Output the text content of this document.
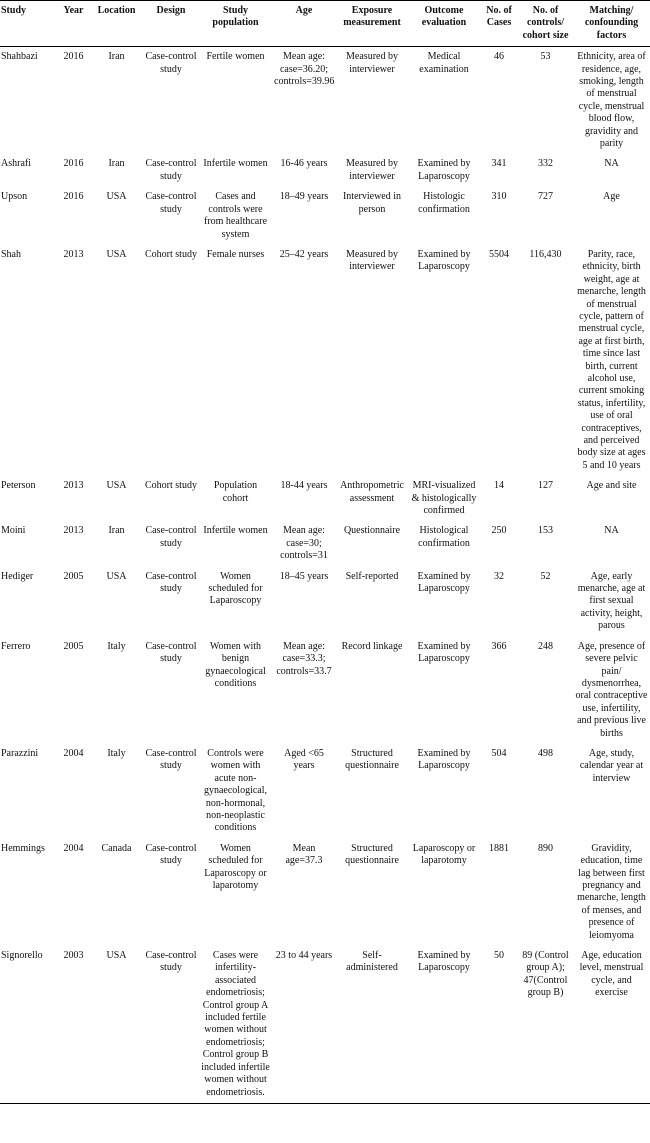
Study	Year	Location	Design	Study population	Age	Exposure measurement	Outcome evaluation	No. of Cases	No. of controls/ cohort size	Matching/ confounding factors
Shahbazi	2016	Iran	Case-control study	Fertile women	Mean age: case=36.20; controls=39.96	Measured by interviewer	Medical examination	46	53	Ethnicity, area of residence, age, smoking, length of menstrual cycle, menstrual blood flow, gravidity and parity
Ashrafi	2016	Iran	Case-control study	Infertile women	16-46 years	Measured by interviewer	Examined by Laparoscopy	341	332	NA
Upson	2016	USA	Case-control study	Cases and controls were from healthcare system	18–49 years	Interviewed in person	Histologic confirmation	310	727	Age
Shah	2013	USA	Cohort study	Female nurses	25–42 years	Measured by interviewer	Examined by Laparoscopy	5504	116,430	Parity, race, ethnicity, birth weight, age at menarche, length of menstrual cycle, pattern of menstrual cycle, age at first birth, time since last birth, current alcohol use, current smoking status, infertility, use of oral contraceptives, and perceived body size at ages 5 and 10 years
Peterson	2013	USA	Cohort study	Population cohort	18-44 years	Anthropometric assessment	MRI-visualized & histologically confirmed	14	127	Age and site
Moini	2013	Iran	Case-control study	Infertile women	Mean age: case=30; controls=31	Questionnaire	Histological confirmation	250	153	NA
Hediger	2005	USA	Case-control study	Women scheduled for Laparoscopy	18–45 years	Self-reported	Examined by Laparoscopy	32	52	Age, early menarche, age at first sexual activity, height, parous
Ferrero	2005	Italy	Case-control study	Women with benign gynaecological conditions	Mean age: case=33.3; controls=33.7	Record linkage	Examined by Laparoscopy	366	248	Age, presence of severe pelvic pain/ dysmenorrhea, oral contraceptive use, infertility, and previous live births
Parazzini	2004	Italy	Case-control study	Controls were women with acute non-gynaecological, non-hormonal, non-neoplastic conditions	Aged <65 years	Structured questionnaire	Examined by Laparoscopy	504	498	Age, study, calendar year at interview
Hemmings	2004	Canada	Case-control study	Women scheduled for Laparoscopy or laparotomy	Mean age=37.3	Structured questionnaire	Laparoscopy or laparotomy	1881	890	Gravidity, education, time lag between first pregnancy and menarche, length of menses, and presence of leiomyoma
Signorello	2003	USA	Case-control study	Cases were infertility-associated endometriosis; Control group A included fertile women without endometriosis; Control group B included infertile women without endometriosis.	23 to 44 years	Self-administered	Examined by Laparoscopy	50	89 (Control group A); 47(Control group B)	Age, education level, menstrual cycle, and exercise
